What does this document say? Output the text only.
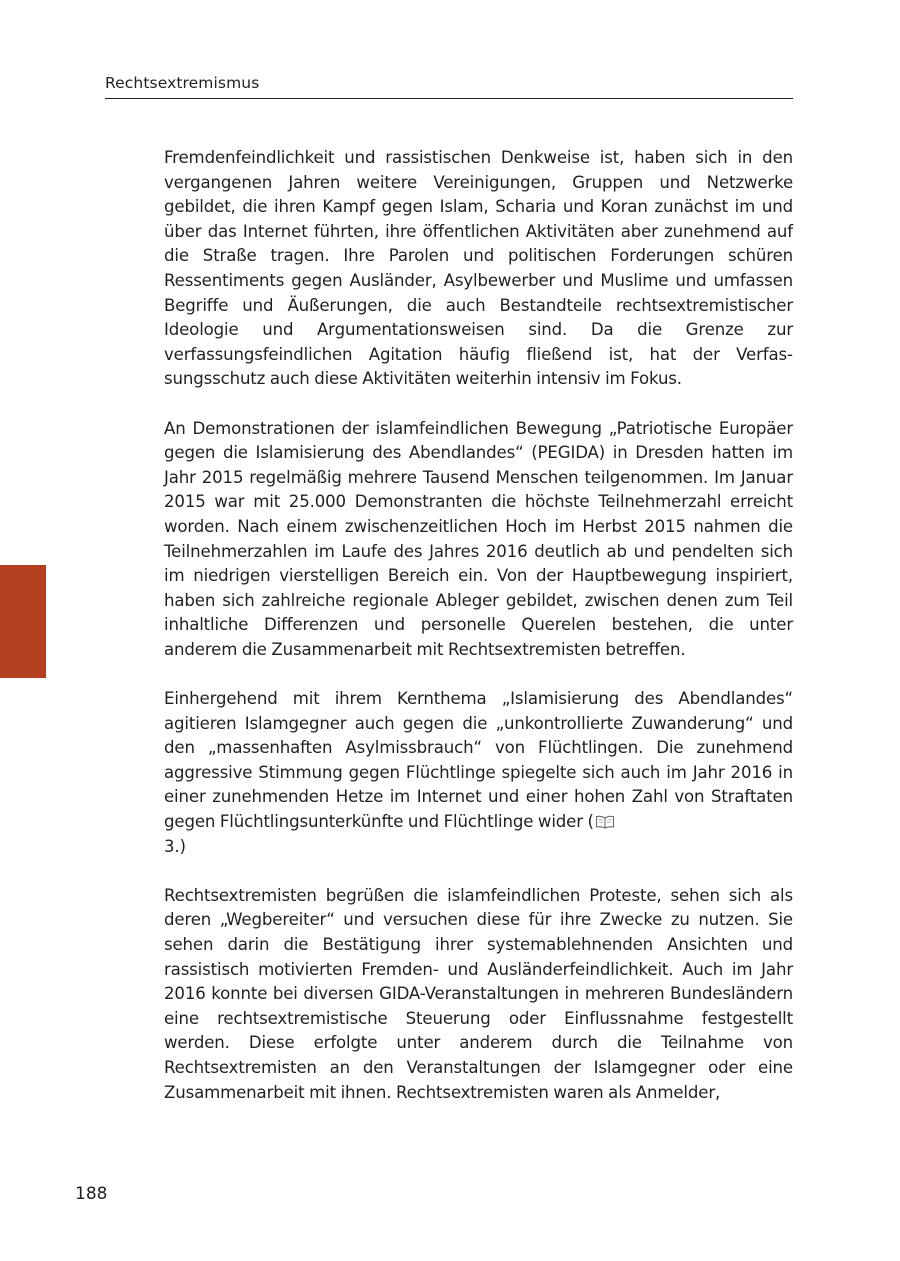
Rechtsextremismus

Fremdenfeindlichkeit und rassistischen Denkweise ist, haben sich in den vergangenen Jahren weitere Vereinigungen, Gruppen und Netzwerke gebildet, die ihren Kampf gegen Islam, Scharia und Koran zunächst im und über das Internet führten, ihre öffentlichen Aktivitäten aber zunehmend auf die Straße tragen. Ihre Parolen und politischen Forderungen schüren Ressentiments gegen Ausländer, Asylbewerber und Muslime und umfassen Begriffe und Äußerungen, die auch Bestandteile rechtsextremistischer Ideologie und Argumentationsweisen sind. Da die Grenze zur verfassungsfeindlichen Agitation häufig fließend ist, hat der Verfassungsschutz auch diese Aktivitäten weiterhin intensiv im Fokus.

An Demonstrationen der islamfeindlichen Bewegung „Patriotische Europäer gegen die Islamisierung des Abendlandes“ (PEGIDA) in Dresden hatten im Jahr 2015 regelmäßig mehrere Tausend Menschen teilgenommen. Im Januar 2015 war mit 25.000 Demonstranten die höchste Teilnehmerzahl erreicht worden. Nach einem zwischenzeitlichen Hoch im Herbst 2015 nahmen die Teilnehmerzahlen im Laufe des Jahres 2016 deutlich ab und pendelten sich im niedrigen vierstelligen Bereich ein. Von der Hauptbewegung inspiriert, haben sich zahlreiche regionale Ableger gebildet, zwischen denen zum Teil inhaltliche Differenzen und personelle Querelen bestehen, die unter anderem die Zusammenarbeit mit Rechtsextremisten betreffen.

Einhergehend mit ihrem Kernthema „Islamisierung des Abendlandes“ agitieren Islamgegner auch gegen die „unkontrollierte Zuwanderung“ und den „massenhaften Asylmissbrauch“ von Flüchtlingen. Die zunehmend aggressive Stimmung gegen Flüchtlinge spiegelte sich auch im Jahr 2016 in einer zunehmenden Hetze im Internet und einer hohen Zahl von Straftaten gegen Flüchtlingsunterkünfte und Flüchtlinge wider (
3.)

Rechtsextremisten begrüßen die islamfeindlichen Proteste, sehen sich als deren „Wegbereiter“ und versuchen diese für ihre Zwecke zu nutzen. Sie sehen darin die Bestätigung ihrer systemablehnenden Ansichten und rassistisch motivierten Fremden- und Ausländerfeindlichkeit. Auch im Jahr 2016 konnte bei diversen GIDA-Veranstaltungen in mehreren Bundesländern eine rechtsextremistische Steuerung oder Einflussnahme festgestellt werden. Diese erfolgte unter anderem durch die Teilnahme von Rechtsextremisten an den Veranstaltungen der Islamgegner oder eine Zusammenarbeit mit ihnen. Rechtsextremisten waren als Anmelder,

188
